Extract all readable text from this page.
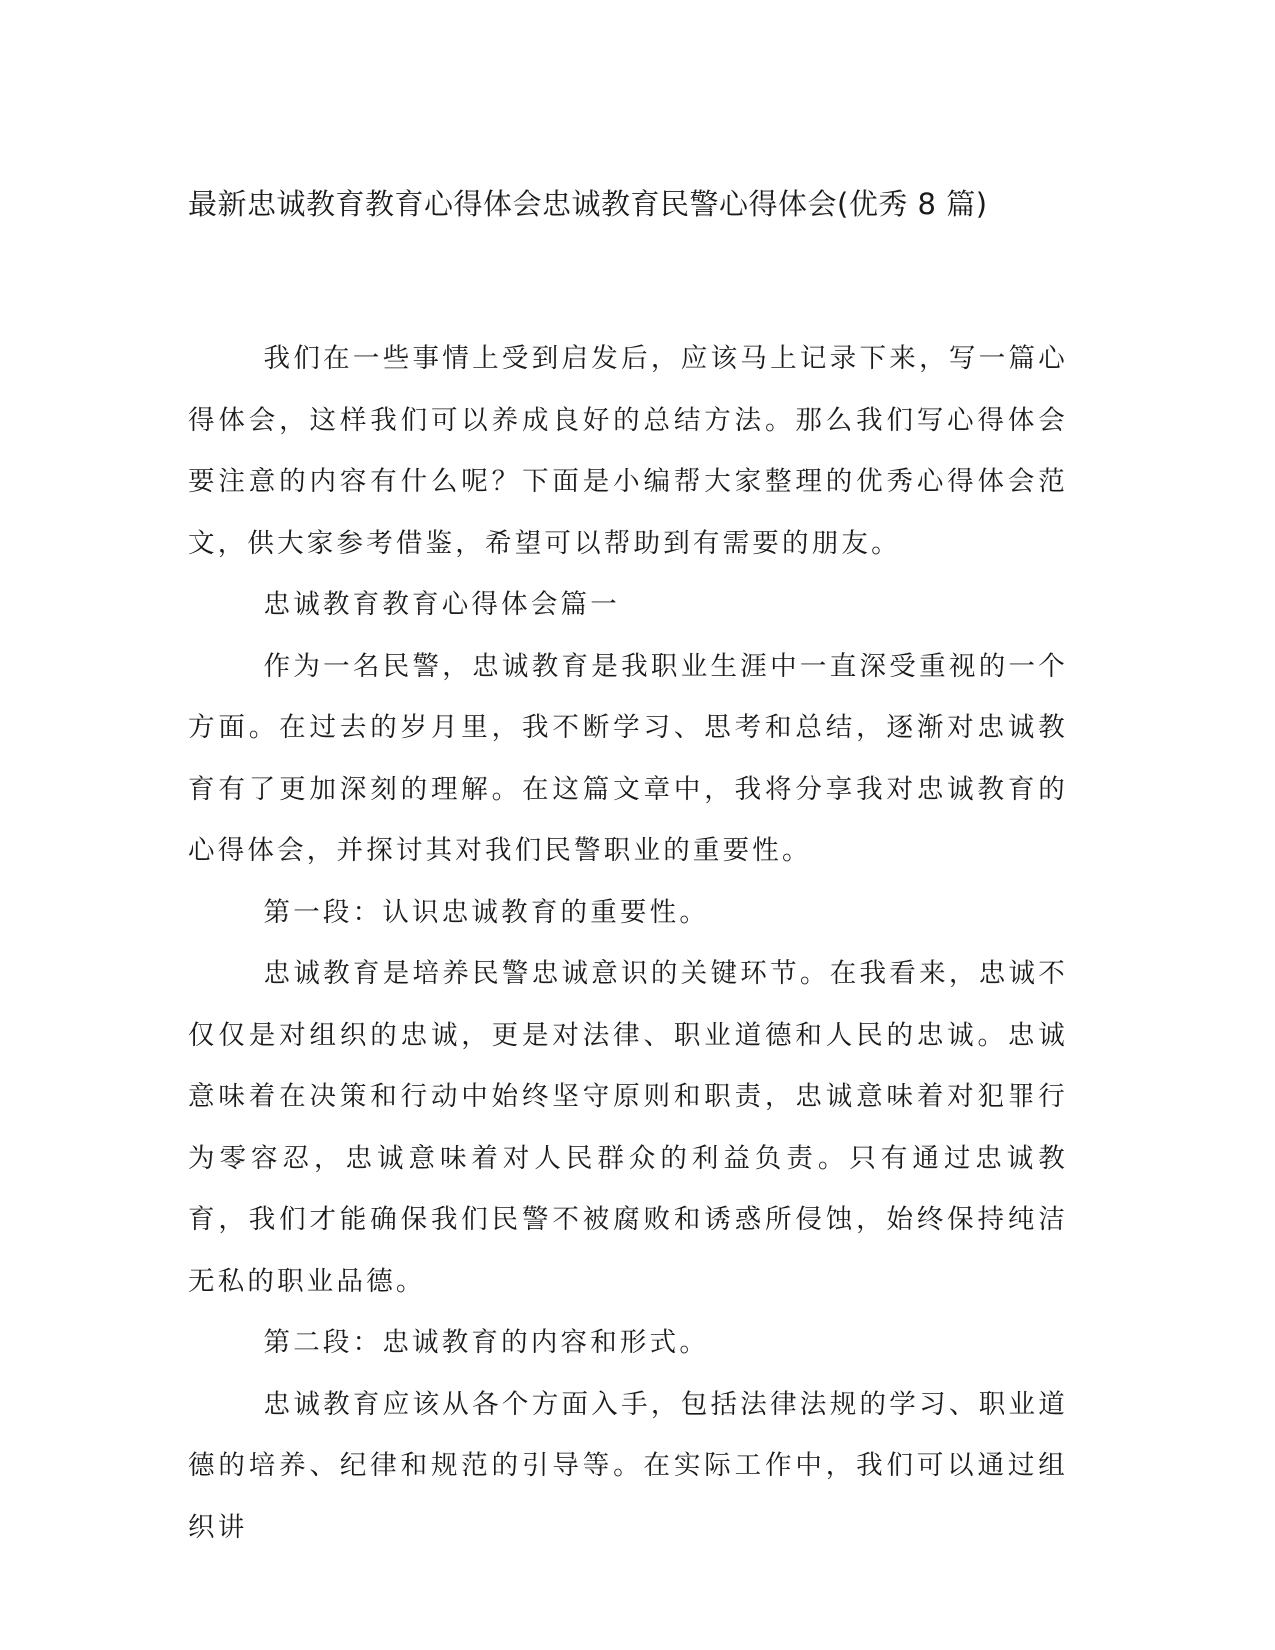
最新忠诚教育教育心得体会忠诚教育民警心得体会(优秀 8 篇)

我们在一些事情上受到启发后，应该马上记录下来，写一篇心得体会，这样我们可以养成良好的总结方法。那么我们写心得体会要注意的内容有什么呢？下面是小编帮大家整理的优秀心得体会范文，供大家参考借鉴，希望可以帮助到有需要的朋友。

忠诚教育教育心得体会篇一

作为一名民警，忠诚教育是我职业生涯中一直深受重视的一个方面。在过去的岁月里，我不断学习、思考和总结，逐渐对忠诚教育有了更加深刻的理解。在这篇文章中，我将分享我对忠诚教育的心得体会，并探讨其对我们民警职业的重要性。

第一段：认识忠诚教育的重要性。

忠诚教育是培养民警忠诚意识的关键环节。在我看来，忠诚不仅仅是对组织的忠诚，更是对法律、职业道德和人民的忠诚。忠诚意味着在决策和行动中始终坚守原则和职责，忠诚意味着对犯罪行为零容忍，忠诚意味着对人民群众的利益负责。只有通过忠诚教育，我们才能确保我们民警不被腐败和诱惑所侵蚀，始终保持纯洁无私的职业品德。

第二段：忠诚教育的内容和形式。

忠诚教育应该从各个方面入手，包括法律法规的学习、职业道德的培养、纪律和规范的引导等。在实际工作中，我们可以通过组织讲
